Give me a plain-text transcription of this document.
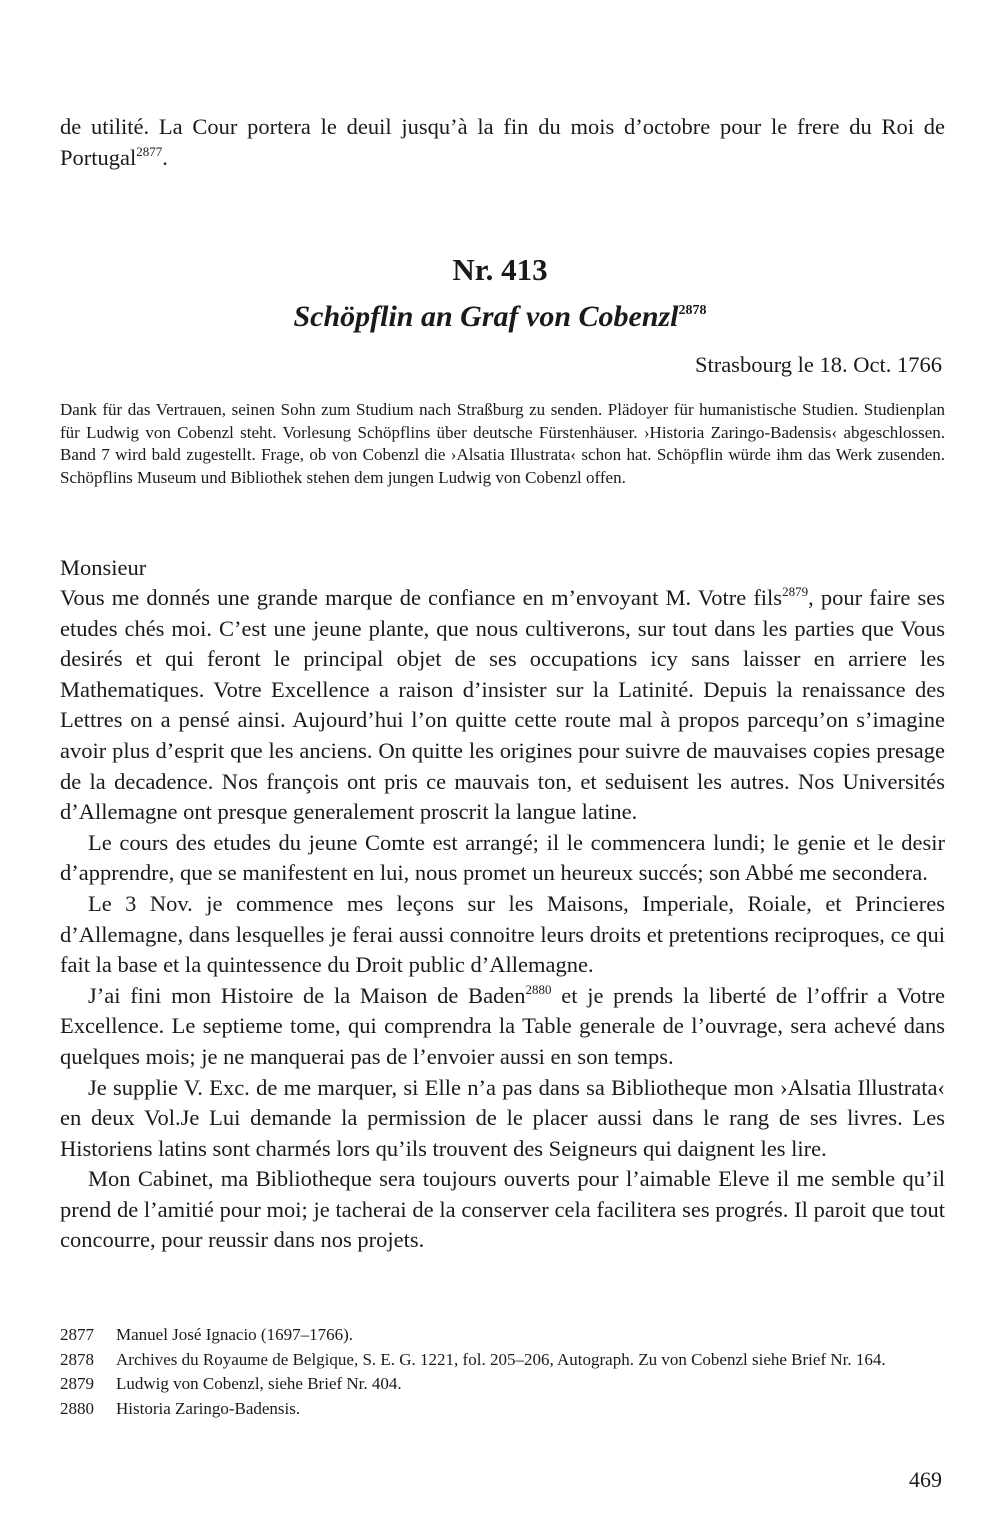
de utilité. La Cour portera le deuil jusqu’à la fin du mois d’octobre pour le frere du Roi de Portugal$^{2877}$.

Nr. 413
Schöpflin an Graf von Cobenzl$^{2878}$

Strasbourg le 18. Oct. 1766

Dank für das Vertrauen, seinen Sohn zum Studium nach Straßburg zu senden. Plädoyer für humanistische Studien. Studienplan für Ludwig von Cobenzl steht. Vorlesung Schöpflins über deutsche Fürstenhäuser. ›Historia Zaringo-Badensis‹ abgeschlossen. Band 7 wird bald zugestellt. Frage, ob von Cobenzl die ›Alsatia Illustrata‹ schon hat. Schöpflin würde ihm das Werk zusenden. Schöpflins Museum und Bibliothek stehen dem jungen Ludwig von Cobenzl offen.

Monsieur

Vous me donnés une grande marque de confiance en m’envoyant M. Votre fils$^{2879}$, pour faire ses etudes chés moi. C’est une jeune plante, que nous cultiverons, sur tout dans les parties que Vous desirés et qui feront le principal objet de ses occupations icy sans laisser en arriere les Mathematiques. Votre Excellence a raison d’insister sur la Latinité. Depuis la renaissance des Lettres on a pensé ainsi. Aujourd’hui l’on quitte cette route mal à propos parcequ’on s’imagine avoir plus d’esprit que les anciens. On quitte les origines pour suivre de mauvaises copies presage de la decadence. Nos françois ont pris ce mauvais ton, et seduisent les autres. Nos Universités d’Allemagne ont presque generalement proscrit la langue latine.

Le cours des etudes du jeune Comte est arrangé; il le commencera lundi; le genie et le desir d’apprendre, que se manifestent en lui, nous promet un heureux succés; son Abbé me secondera.

Le 3 Nov. je commence mes leçons sur les Maisons, Imperiale, Roiale, et Princieres d’Allemagne, dans lesquelles je ferai aussi connoitre leurs droits et pretentions reciproques, ce qui fait la base et la quintessence du Droit public d’Allemagne.

J’ai fini mon Histoire de la Maison de Baden$^{2880}$ et je prends la liberté de l’offrir a Votre Excellence. Le septieme tome, qui comprendra la Table generale de l’ouvrage, sera achevé dans quelques mois; je ne manquerai pas de l’envoier aussi en son temps.

Je supplie V. Exc. de me marquer, si Elle n’a pas dans sa Bibliotheque mon ›Alsatia Illustrata‹ en deux Vol.Je Lui demande la permission de le placer aussi dans le rang de ses livres. Les Historiens latins sont charmés lors qu’ils trouvent des Seigneurs qui daignent les lire.

Mon Cabinet, ma Bibliotheque sera toujours ouverts pour l’aimable Eleve il me semble qu’il prend de l’amitié pour moi; je tacherai de la conserver cela facilitera ses progrés. Il paroit que tout concourre, pour reussir dans nos projets.

2877 Manuel José Ignacio (1697–1766).
2878 Archives du Royaume de Belgique, S. E. G. 1221, fol. 205–206, Autograph. Zu von Cobenzl siehe Brief Nr. 164.
2879 Ludwig von Cobenzl, siehe Brief Nr. 404.
2880 Historia Zaringo-Badensis.

469
